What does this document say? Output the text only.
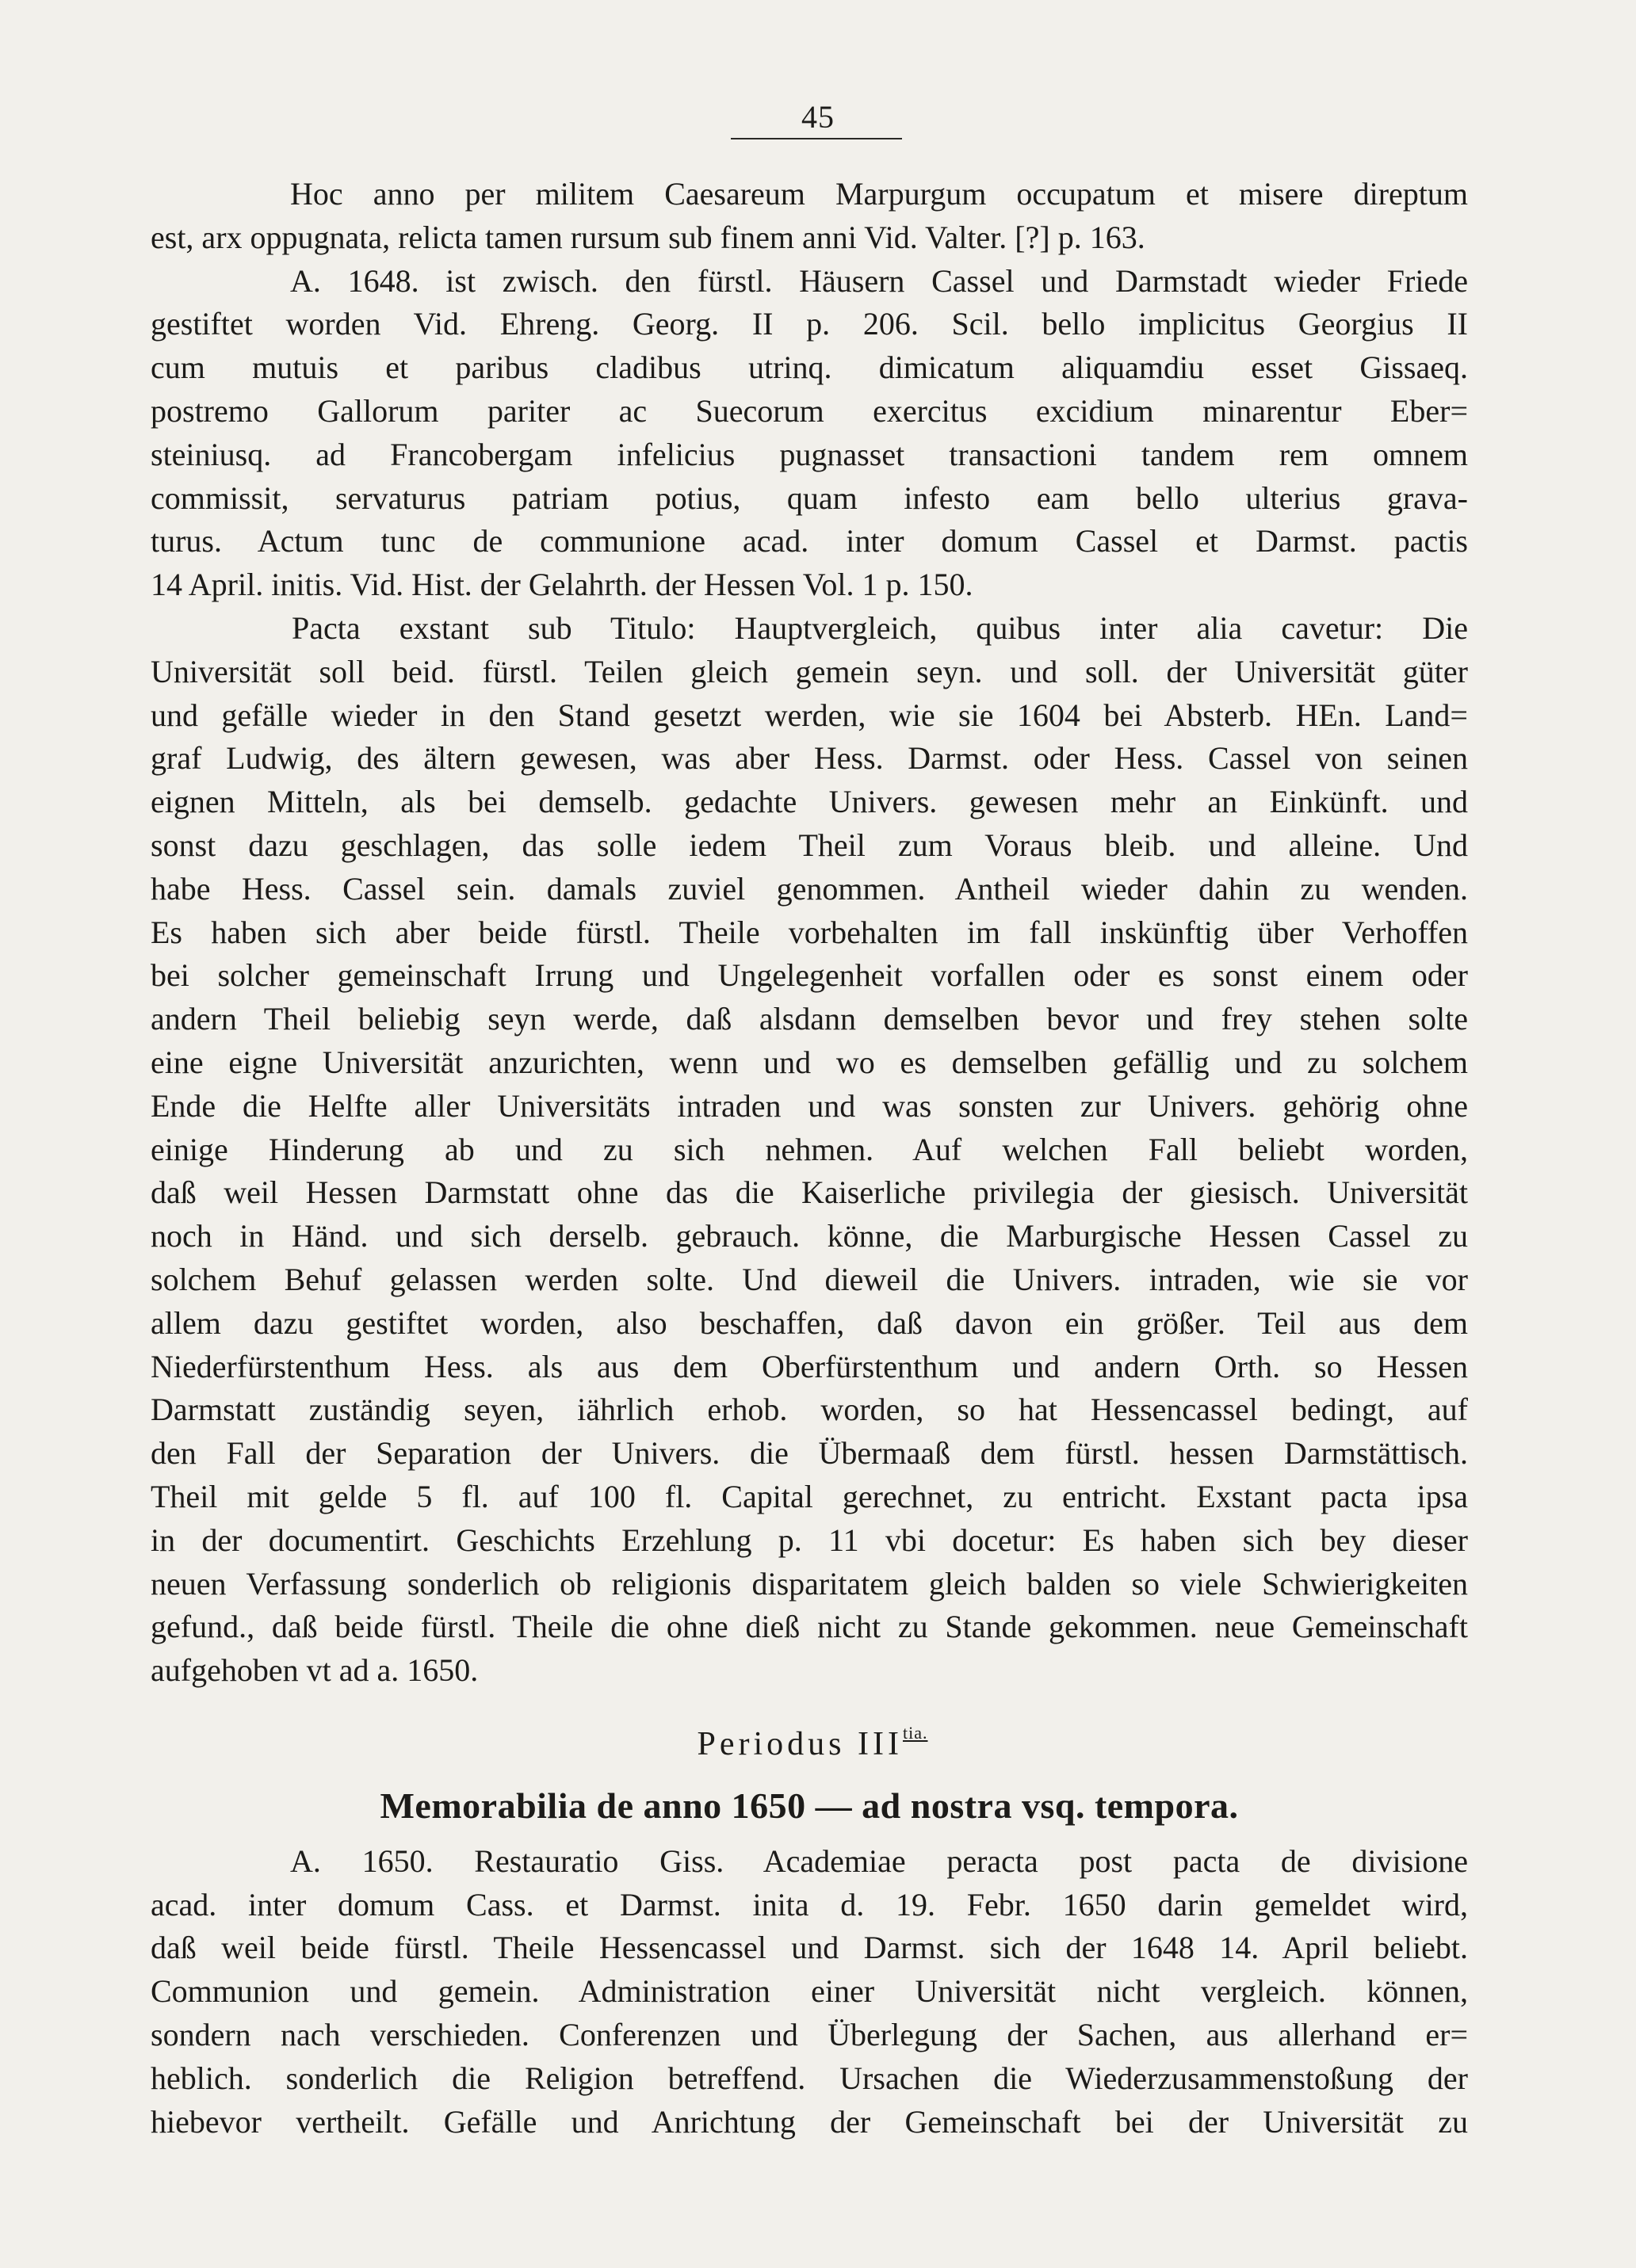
45
Hoc anno per militem Caesareum Marpurgum occupatum et misere direptum
est, arx oppugnata, relicta tamen rursum sub finem anni Vid. Valter. [?] p. 163.
A. 1648. ist zwisch. den fürstl. Häusern Cassel und Darmstadt wieder Friede
gestiftet worden Vid. Ehreng. Georg. II p. 206. Scil. bello implicitus Georgius II
cum mutuis et paribus cladibus utrinq. dimicatum aliquamdiu esset Gissaeq.
postremo Gallorum pariter ac Suecorum exercitus excidium minarentur Eber=
steiniusq. ad Francobergam infelicius pugnasset transactioni tandem rem omnem
commissit, servaturus patriam potius, quam infesto eam bello ulterius grava-
turus. Actum tunc de communione acad. inter domum Cassel et Darmst. pactis
14 April. initis. Vid. Hist. der Gelahrth. der Hessen Vol. 1 p. 150.
Pacta exstant sub Titulo: Hauptvergleich, quibus inter alia cavetur: Die
Universität soll beid. fürstl. Teilen gleich gemein seyn. und soll. der Universität güter
und gefälle wieder in den Stand gesetzt werden, wie sie 1604 bei Absterb. HEn. Land=
graf Ludwig, des ältern gewesen, was aber Hess. Darmst. oder Hess. Cassel von seinen
eignen Mitteln, als bei demselb. gedachte Univers. gewesen mehr an Einkünft. und
sonst dazu geschlagen, das solle iedem Theil zum Voraus bleib. und alleine. Und
habe Hess. Cassel sein. damals zuviel genommen. Antheil wieder dahin zu wenden.
Es haben sich aber beide fürstl. Theile vorbehalten im fall inskünftig über Verhoffen
bei solcher gemeinschaft Irrung und Ungelegenheit vorfallen oder es sonst einem oder
andern Theil beliebig seyn werde, daß alsdann demselben bevor und frey stehen solte
eine eigne Universität anzurichten, wenn und wo es demselben gefällig und zu solchem
Ende die Helfte aller Universitäts intraden und was sonsten zur Univers. gehörig ohne
einige Hinderung ab und zu sich nehmen. Auf welchen Fall beliebt worden,
daß weil Hessen Darmstatt ohne das die Kaiserliche privilegia der giesisch. Universität
noch in Händ. und sich derselb. gebrauch. könne, die Marburgische Hessen Cassel zu
solchem Behuf gelassen werden solte. Und dieweil die Univers. intraden, wie sie vor
allem dazu gestiftet worden, also beschaffen, daß davon ein größer. Teil aus dem
Niederfürstenthum Hess. als aus dem Oberfürstenthum und andern Orth. so Hessen
Darmstatt zuständig seyen, iährlich erhob. worden, so hat Hessencassel bedingt, auf
den Fall der Separation der Univers. die Übermaaß dem fürstl. hessen Darmstättisch.
Theil mit gelde 5 fl. auf 100 fl. Capital gerechnet, zu entricht. Exstant pacta ipsa
in der documentirt. Geschichts Erzehlung p. 11 vbi docetur: Es haben sich bey dieser
neuen Verfassung sonderlich ob religionis disparitatem gleich balden so viele Schwierigkeiten
gefund., daß beide fürstl. Theile die ohne dieß nicht zu Stande gekommen. neue Gemeinschaft
aufgehoben vt ad a. 1650.
Periodus $III^{tia.}$
Memorabilia de anno 1650 — ad nostra vsq. tempora.
A. 1650. Restauratio Giss. Academiae peracta post pacta de divisione
acad. inter domum Cass. et Darmst. inita d. 19. Febr. 1650 darin gemeldet wird,
daß weil beide fürstl. Theile Hessencassel und Darmst. sich der 1648 14. April beliebt.
Communion und gemein. Administration einer Universität nicht vergleich. können,
sondern nach verschieden. Conferenzen und Überlegung der Sachen, aus allerhand er=
heblich. sonderlich die Religion betreffend. Ursachen die Wiederzusammenstoßung der
hiebevor vertheilt. Gefälle und Anrichtung der Gemeinschaft bei der Universität zu
